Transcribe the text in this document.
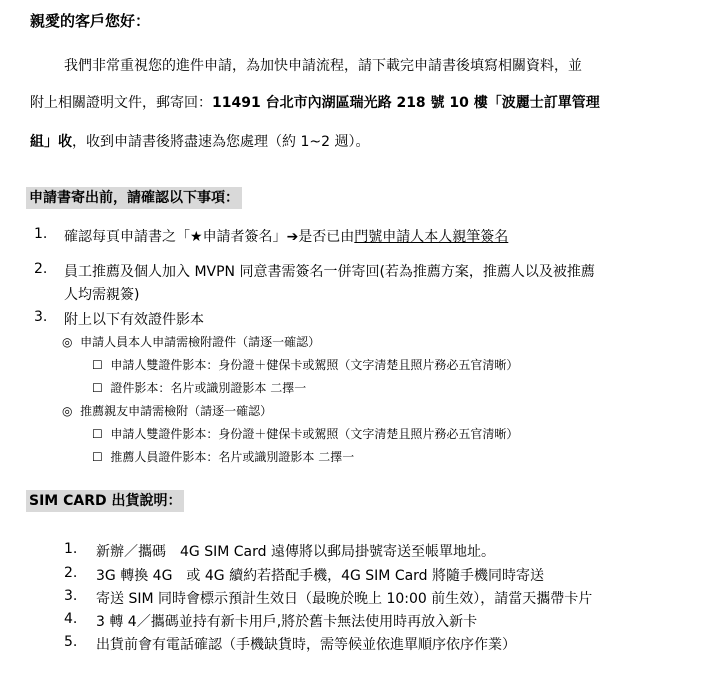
親愛的客戶您好：
我們非常重視您的進件申請，為加快申請流程，請下載完申請書後填寫相關資料，並
附上相關證明文件，郵寄回：11491 台北市內湖區瑞光路 218 號 10 樓「波麗士訂單管理
組」收，收到申請書後將盡速為您處理（約 1~2 週）。
申請書寄出前，請確認以下事項：
1. 確認每頁申請書之「★申請者簽名」➔是否已由門號申請人本人親筆簽名
2. 員工推薦及個人加入 MVPN 同意書需簽名一併寄回(若為推薦方案，推薦人以及被推薦
人均需親簽)
3. 附上以下有效證件影本
◎ 申請人員本人申請需檢附證件（請逐一確認）
☐ 申請人雙證件影本：身份證＋健保卡或駕照（文字清楚且照片務必五官清晰）
☐ 證件影本：名片或識別證影本 二擇一
◎ 推薦親友申請需檢附（請逐一確認）
☐ 申請人雙證件影本：身份證＋健保卡或駕照（文字清楚且照片務必五官清晰）
☐ 推薦人員證件影本：名片或識別證影本 二擇一
SIM CARD 出貨說明：
1. 新辦／攜碼　4G SIM Card 遠傳將以郵局掛號寄送至帳單地址。
2. 3G 轉換 4G　或 4G 續約若搭配手機，4G SIM Card 將隨手機同時寄送
3. 寄送 SIM 同時會標示預計生效日（最晚於晚上 10:00 前生效），請當天攜帶卡片
4. 3 轉 4／攜碼並持有新卡用戶,將於舊卡無法使用時再放入新卡
5. 出貨前會有電話確認（手機缺貨時，需等候並依進單順序依序作業）
